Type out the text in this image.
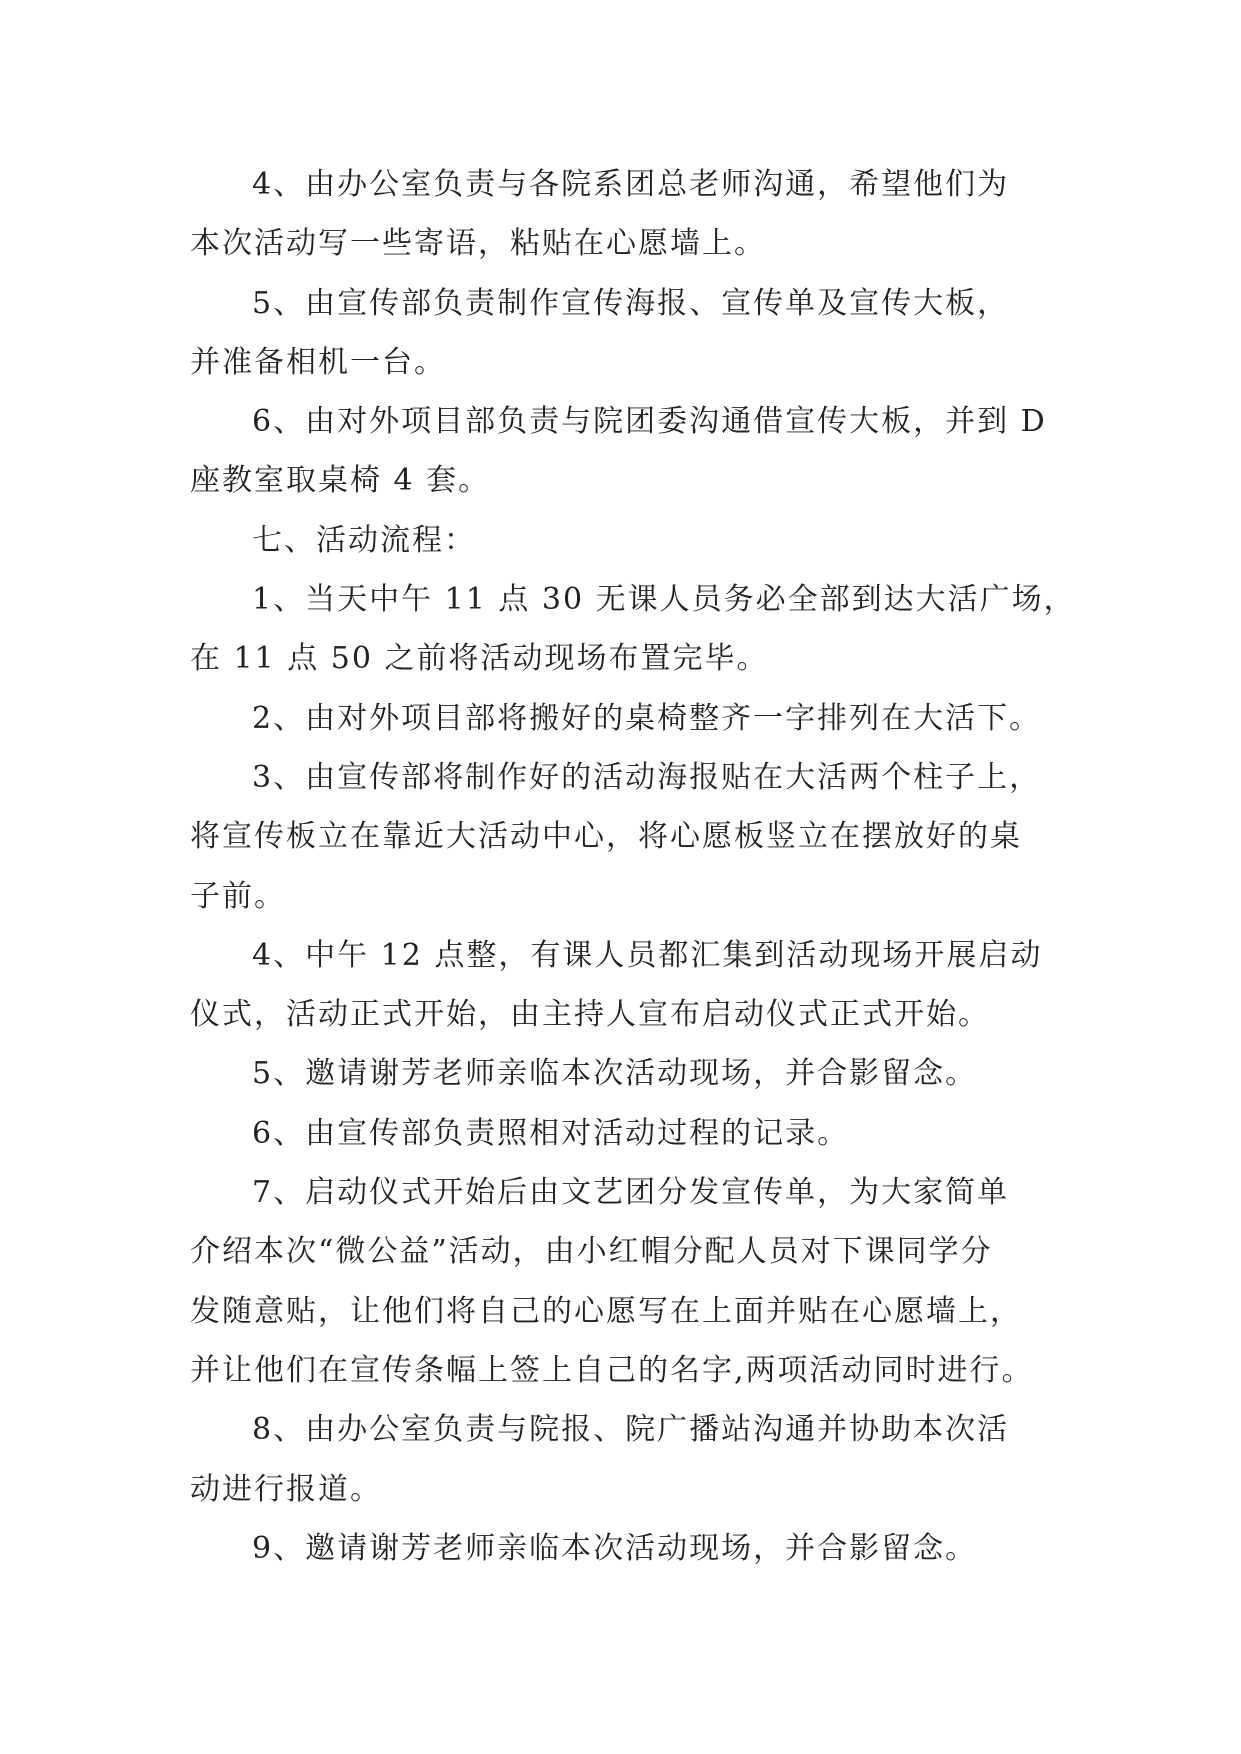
4、由办公室负责与各院系团总老师沟通，希望他们为
本次活动写一些寄语，粘贴在心愿墙上。
5、由宣传部负责制作宣传海报、宣传单及宣传大板，
并准备相机一台。
6、由对外项目部负责与院团委沟通借宣传大板，并到 D
座教室取桌椅 4 套。
七、活动流程：
1、当天中午 11 点 30 无课人员务必全部到达大活广场，
在 11 点 50 之前将活动现场布置完毕。
2、由对外项目部将搬好的桌椅整齐一字排列在大活下。
3、由宣传部将制作好的活动海报贴在大活两个柱子上，
将宣传板立在靠近大活动中心，将心愿板竖立在摆放好的桌
子前。
4、中午 12 点整，有课人员都汇集到活动现场开展启动
仪式，活动正式开始，由主持人宣布启动仪式正式开始。
5、邀请谢芳老师亲临本次活动现场，并合影留念。
6、由宣传部负责照相对活动过程的记录。
7、启动仪式开始后由文艺团分发宣传单，为大家简单
介绍本次“微公益”活动，由小红帽分配人员对下课同学分
发随意贴，让他们将自己的心愿写在上面并贴在心愿墙上，
并让他们在宣传条幅上签上自己的名字,两项活动同时进行。
8、由办公室负责与院报、院广播站沟通并协助本次活
动进行报道。
9、邀请谢芳老师亲临本次活动现场，并合影留念。
